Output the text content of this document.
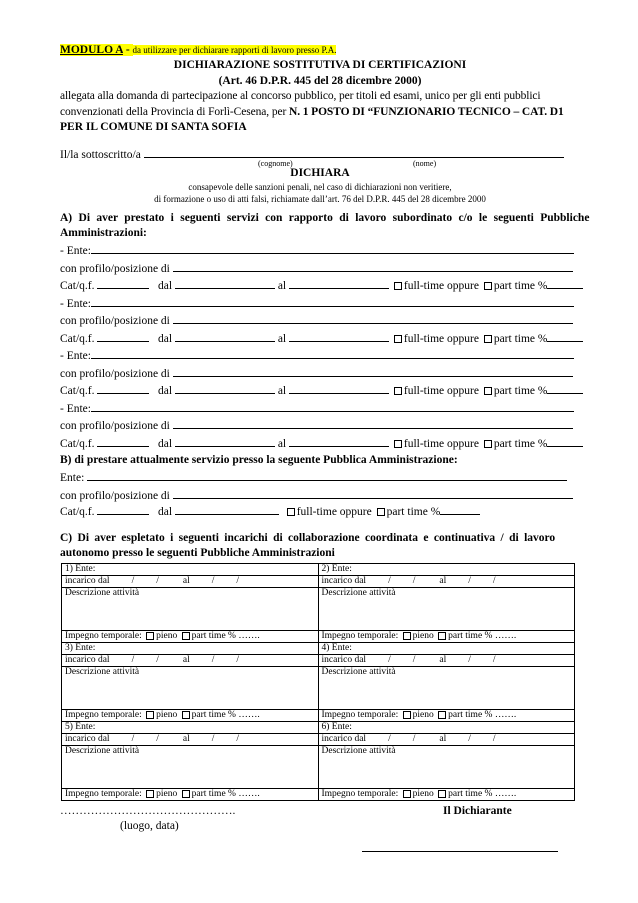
MODULO A - da utilizzare per dichiarare rapporti di lavoro presso P.A.
DICHIARAZIONE SOSTITUTIVA DI CERTIFICAZIONI
(Art. 46 D.P.R. 445 del 28 dicembre 2000)
allegata alla domanda di partecipazione al concorso pubblico, per titoli ed esami, unico per gli enti pubblici
convenzionati della Provincia di Forlì-Cesena, per N. 1 POSTO DI “FUNZIONARIO TECNICO – CAT. D1
PER IL COMUNE DI SANTA SOFIA
Il/la sottoscritto/a
(cognome)	(nome)
DICHIARA
consapevole delle sanzioni penali, nel caso di dichiarazioni non veritiere,
di formazione o uso di atti falsi, richiamate dall’art. 76 del D.P.R. 445 del 28 dicembre 2000
A) Di aver prestato i seguenti servizi con rapporto di lavoro subordinato c/o le seguenti Pubbliche
Amministrazioni:
- Ente:
con profilo/posizione di
Cat/q.f.	dal	al	full-time oppure part time %
- Ente:
con profilo/posizione di
Cat/q.f.	dal	al	full-time oppure part time %
- Ente:
con profilo/posizione di
Cat/q.f.	dal	al	full-time oppure part time %
- Ente:
con profilo/posizione di
Cat/q.f.	dal	al	full-time oppure part time %
B) di prestare attualmente servizio presso la seguente Pubblica Amministrazione:
Ente:
con profilo/posizione di
Cat/q.f.	dal	full-time oppure part time %
C) Di aver espletato i seguenti incarichi di collaborazione coordinata e continuativa / di lavoro
autonomo presso le seguenti Pubbliche Amministrazioni
1) Ente:	2) Ente:
incarico dal / / al / /	incarico dal / / al / /
Descrizione attività	Descrizione attività
Impegno temporale: pieno part time % …….	Impegno temporale: pieno part time % …….
3) Ente:	4) Ente:
incarico dal / / al / /	incarico dal / / al / /
Descrizione attività	Descrizione attività
Impegno temporale: pieno part time % …….	Impegno temporale: pieno part time % …….
5) Ente:	6) Ente:
incarico dal / / al / /	incarico dal / / al / /
Descrizione attività	Descrizione attività
Impegno temporale: pieno part time % …….	Impegno temporale: pieno part time % …….
……………………………………….
(luogo, data)
Il Dichiarante
